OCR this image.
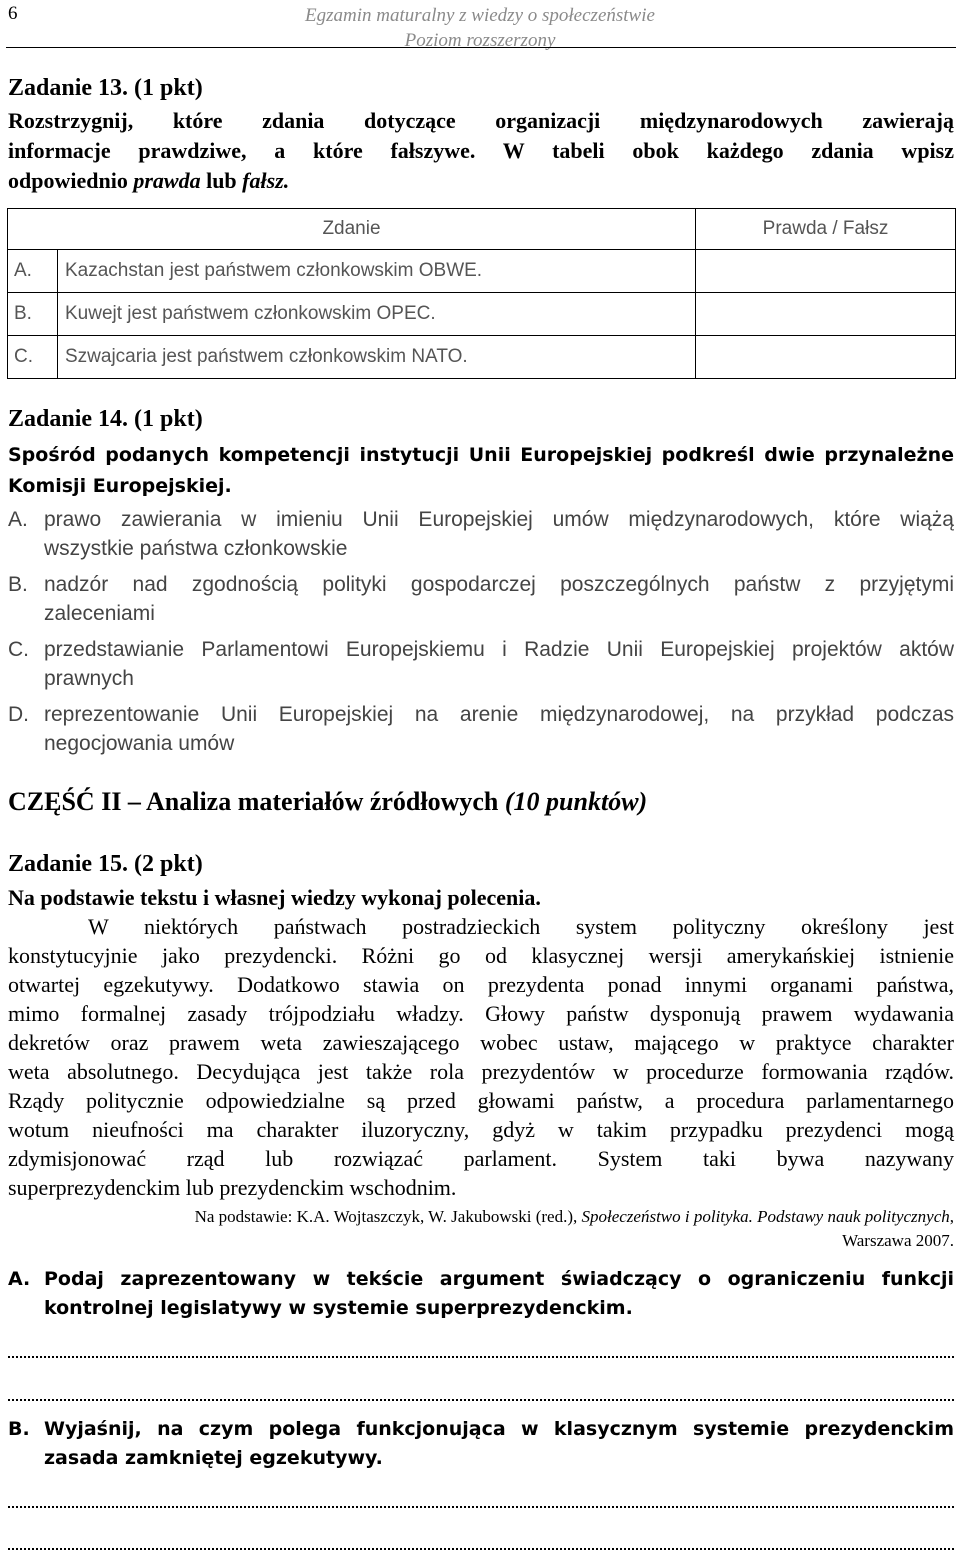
6	Egzamin maturalny z wiedzy o społeczeństwie
Poziom rozszerzony
Zadanie 13. (1 pkt)
Rozstrzygnij, które zdania dotyczące organizacji międzynarodowych zawierają
informacje prawdziwe, a które fałszywe. W tabeli obok każdego zdania wpisz
odpowiednio prawda lub fałsz.
Zdanie		Prawda / Fałsz
A.	Kazachstan jest państwem członkowskim OBWE.	
B.	Kuwejt jest państwem członkowskim OPEC.	
C.	Szwajcaria jest państwem członkowskim NATO.	
Zadanie 14. (1 pkt)
Spośród podanych kompetencji instytucji Unii Europejskiej podkreśl dwie przynależne
Komisji Europejskiej.
A. prawo zawierania w imieniu Unii Europejskiej umów międzynarodowych, które wiążą
wszystkie państwa członkowskie
B. nadzór nad zgodnością polityki gospodarczej poszczególnych państw z przyjętymi
zaleceniami
C. przedstawianie Parlamentowi Europejskiemu i Radzie Unii Europejskiej projektów aktów
prawnych
D. reprezentowanie Unii Europejskiej na arenie międzynarodowej, na przykład podczas
negocjowania umów
CZĘŚĆ II – Analiza materiałów źródłowych (10 punktów)
Zadanie 15. (2 pkt)
Na podstawie tekstu i własnej wiedzy wykonaj polecenia.
W niektórych państwach postradzieckich system polityczny określony jest
konstytucyjnie jako prezydencki. Różni go od klasycznej wersji amerykańskiej istnienie
otwartej egzekutywy. Dodatkowo stawia on prezydenta ponad innymi organami państwa,
mimo formalnej zasady trójpodziału władzy. Głowy państw dysponują prawem wydawania
dekretów oraz prawem weta zawieszającego wobec ustaw, mającego w praktyce charakter
weta absolutnego. Decydująca jest także rola prezydentów w procedurze formowania rządów.
Rządy politycznie odpowiedzialne są przed głowami państw, a procedura parlamentarnego
wotum nieufności ma charakter iluzoryczny, gdyż w takim przypadku prezydenci mogą
zdymisjonować rząd lub rozwiązać parlament. System taki bywa nazywany
superprezydenckim lub prezydenckim wschodnim.
Na podstawie: K.A. Wojtaszczyk, W. Jakubowski (red.), Społeczeństwo i polityka. Podstawy nauk politycznych,
Warszawa 2007.
A. Podaj zaprezentowany w tekście argument świadczący o ograniczeniu funkcji
kontrolnej legislatywy w systemie superprezydenckim.
B. Wyjaśnij, na czym polega funkcjonująca w klasycznym systemie prezydenckim
zasada zamkniętej egzekutywy.
